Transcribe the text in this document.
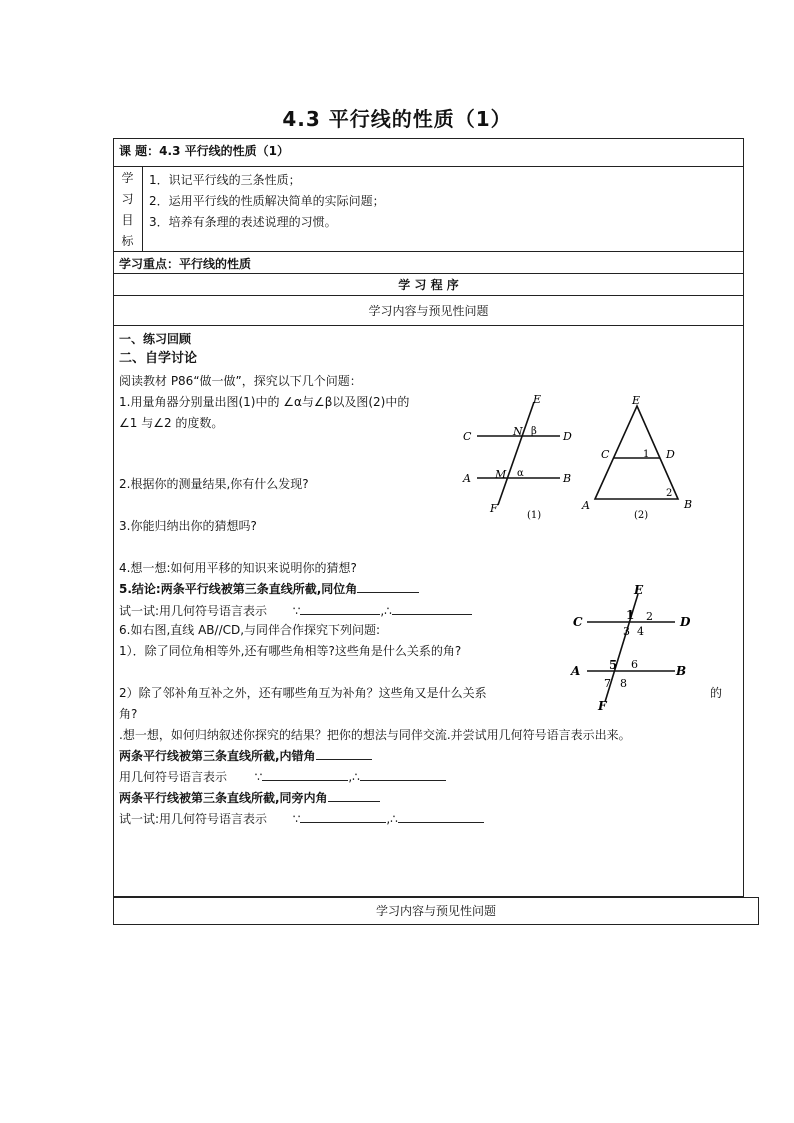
4.3 平行线的性质（1）
课 题：4.3 平行线的性质（1）
学
习
目
标
1．识记平行线的三条性质；
2．运用平行线的性质解决简单的实际问题；
3．培养有条理的表述说理的习惯。
学习重点：平行线的性质
学 习 程 序
学习内容与预见性问题
一、练习回顾
二、自学讨论
阅读教材 P86“做一做”，探究以下几个问题：
1.用量角器分别量出图(1)中的 ∠α与∠β以及图(2)中的
∠1 与∠2 的度数。
2.根据你的测量结果,你有什么发现?
3.你能归纳出你的猜想吗?
4.想一想:如何用平移的知识来说明你的猜想?
5.结论:两条平行线被第三条直线所截,同位角
试一试:用几何符号语言表示 ∵	,∴
6.如右图,直线 AB//CD,与同伴合作探究下列问题:
1）．除了同位角相等外,还有哪些角相等?这些角是什么关系的角?
2）除了邻补角互补之外，还有哪些角互为补角？这些角又是什么关系	的
角?
.想一想，如何归纳叙述你探究的结果？把你的想法与同伴交流.并尝试用几何符号语言表示出来。
两条平行线被第三条直线所截,内错角
用几何符号语言表示 ∵	,∴
两条平行线被第三条直线所截,同旁内角
试一试:用几何符号语言表示 ∵	,∴
学习内容与预见性问题
E
C	D
A	B
F
N
M
β
α
(1)
E
C	D
A	B
1
2
(2)
E
C	D
A	B
F
1 2
3 4
5 6
7 8
